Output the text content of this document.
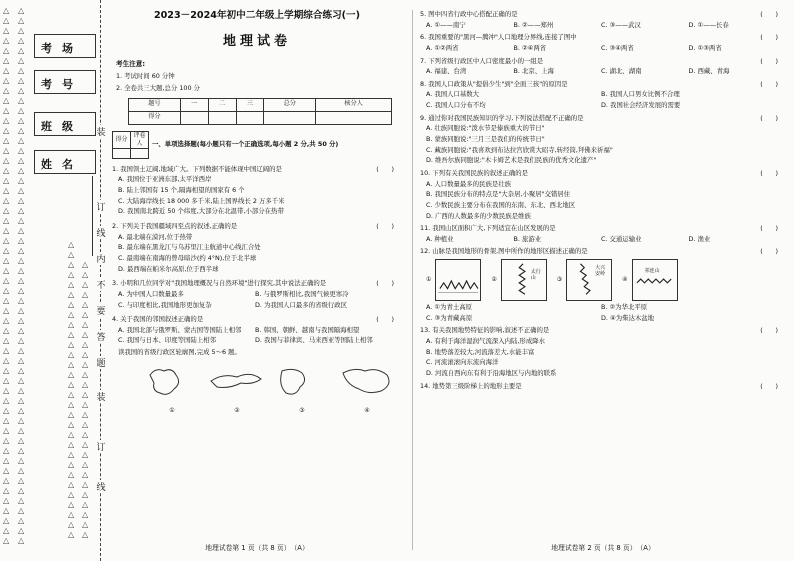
△
△
△
△
△
△
△
△
△
△
△
△
△
△
△
△
△
△
△
△
△
△
△
△
△
△
△
△
△
△
△
△
△
△
△
△
△
△
△
△
△
△
△
△
△
△
△
△
△
△
△
△
△
△
△
△
△
△
△
△
△
△
△
△
△
△
△
△
△
△
△
△
△
△
△
△
△
△
△
△
△
△
△
△
△
△
△
△
△
△
△
△
△
△
△
△
△
△
△
△
△
△
△
△
△
△
△
△
△
△
△
△
△
△
△
△
△
△
△
△
△
△
△
△
△
△
△
△
△
△
△
△
△
△
△
△
△
△
△
△
△
△
△
△
△
△
△
△
△
△
△
△
△
△
△
△
△
△
△
△
△
△
△
△
△
△
考场
考号
班级
姓名
装
订
线
内
不
要
答
题
装
订
线
2023－2024年初中二年级上学期综合练习(一)
地理试卷
考生注意:
1. 考试时间 60 分钟
2. 全卷共三大题,总分 100 分
题号	一	二	三	总分	核分人
得分					
得分	评卷人
	一、单项选择题(每小题只有一个正确选项,每小题 2 分,共 50 分)
1. 我国领土辽阔,地域广大。下列数据不能体现中国辽阔的是	(　　)
A. 我国位于亚洲东部,太平洋西岸
B. 陆上邻国有 15 个,隔海相望的国家有 6 个
C. 大陆海岸线长 18 000 多千米,陆上国界线长 2 万多千米
D. 我国南北跨近 50 个纬度,大部分在北温带,小部分在热带
2. 下列关于我国疆域四至点的叙述,正确的是	(　　)
A. 最北端在漠河,位于热带
B. 最东端在黑龙江与乌苏里江主航道中心线汇合处
C. 最南端在南海的曾母暗沙(约 4°N),位于北半球
D. 最西端在帕米尔高原,位于西半球
3. 小明和几位同学对"我国地理概况与自然环境"进行探究,其中说法正确的是	(　　)
A. 为中国人口数量最多	B. 与俄罗斯相比,我国气候更寒冷
C. 与印度相比,我国地形更加复杂	D. 为我国人口最多的省级行政区
4. 关于我国的邻国叙述正确的是	(　　)
A. 我国北部与俄罗斯、蒙古国等国陆上相邻	B. 韩国、朝鲜、越南与我国隔海相望
C. 我国与日本、印度等国陆上相邻	D. 我国与菲律宾、马来西亚等国陆上相邻
读我国的省级行政区轮廓图,完成 5～6 题。
①	②	③	④
地理试卷第 1 页（共 8 页）　（A）
5. 图中四省行政中心搭配正确的是	(　　)
A. ①——南宁	B. ②——郑州	C. ③——武汉	D. ①——长春
6. 我国重要的"黑河—腾冲"人口地理分界线,连接了图中	(　　)
A. ①②两省	B. ②④两省	C. ③④两省	D. ①③两省
7. 下列省级行政区中人口密度最小的一组是	(　　)
A. 福建、台湾	B. 北京、上海	C. 湖北、湖南	D. 西藏、青海
8. 我国人口政策从"提倡少生"到"全面三孩"的原因是	(　　)
A. 我国人口基数大	B. 我国人口男女比例不合理
C. 我国人口分布不均	D. 我国社会经济发展的需要
9. 通过你对我国民族知识的学习,下列说法搭配不正确的是	(　　)
A. 壮族同胞说:"泼水节是傣族重大的节日"
B. 蒙族同胞说:"三月三是我们的传统节日"
C. 藏族同胞说:"我喜欢到布达拉宫欣赏大昭寺,转经筒,拜佛来祈福"
D. 维吾尔族同胞说:"木卡姆艺术是我们民族的优秀文化遗产"
10. 下列有关我国民族的叙述正确的是	(　　)
A. 人口数量最多的民族是壮族
B. 我国民族分布的特点是"大杂居,小聚居"交错居住
C. 少数民族主要分布在我国的东南、东北、西北地区
D. 广西的人数最多的少数民族是维族
11. 我国山区面积广大,下列适宜在山区发展的是	(　　)
A. 种植业	B. 旅游业	C. 交通运输业	D. 渔业
12. 山脉是我国地形的骨架,图中所作的地形区描述正确的是	(　　)
①	②
太行山	③
大兴安岭
④
祁连山
A. ①为青土高原	B. ②为华北平原
C. ③为青藏高原	D. ④为柴达木盆地
13. 有关我国地势特征的影响,叙述不正确的是	(　　)
A. 有利于海洋湿润气流深入内陆,形成降水
B. 地势落差较大,河流落差大,水能丰富
C. 河流滚滚向东流向海洋
D. 河流自西向东有利于沿海地区与内地的联系
14. 地势第三级阶梯上的地形主要是	(　　)
地理试卷第 2 页（共 8 页）　（A）
